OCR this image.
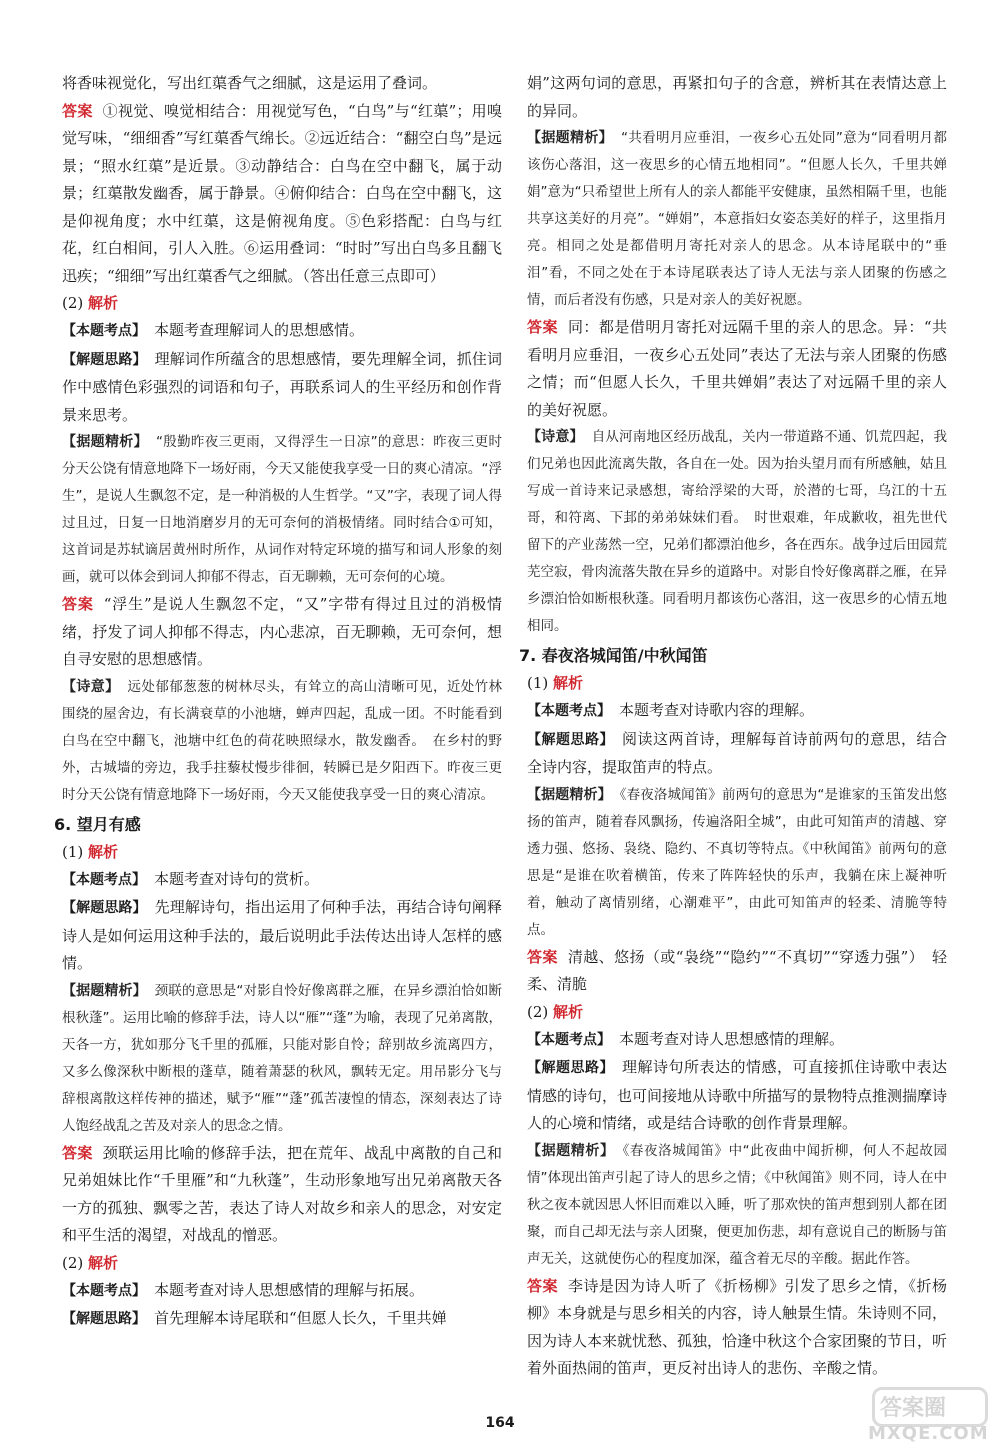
将香味视觉化，写出红蕖香气之细腻，这是运用了叠词。

答案 ①视觉、嗅觉相结合：用视觉写色，“白鸟”与“红蕖”；用嗅觉写味，“细细香”写红蕖香气绵长。②远近结合：“翻空白鸟”是远景；“照水红蕖”是近景。③动静结合：白鸟在空中翻飞，属于动景；红蕖散发幽香，属于静景。④俯仰结合：白鸟在空中翻飞，这是仰视角度；水中红蕖，这是俯视角度。⑤色彩搭配：白鸟与红花，红白相间，引人入胜。⑥运用叠词：“时时”写出白鸟多且翻飞迅疾；“细细”写出红蕖香气之细腻。（答出任意三点即可）

(2) 解析

【本题考点】 本题考查理解词人的思想感情。

【解题思路】 理解词作所蕴含的思想感情，要先理解全词，抓住词作中感情色彩强烈的词语和句子，再联系词人的生平经历和创作背景来思考。

【据题精析】 “殷勤昨夜三更雨，又得浮生一日凉”的意思：昨夜三更时分天公饶有情意地降下一场好雨，今天又能使我享受一日的爽心清凉。“浮生”，是说人生飘忽不定，是一种消极的人生哲学。“又”字，表现了词人得过且过，日复一日地消磨岁月的无可奈何的消极情绪。同时结合①可知，这首词是苏轼谪居黄州时所作，从词作对特定环境的描写和词人形象的刻画，就可以体会到词人抑郁不得志，百无聊赖，无可奈何的心境。

答案 “浮生”是说人生飘忽不定，“又”字带有得过且过的消极情绪，抒发了词人抑郁不得志，内心悲凉，百无聊赖，无可奈何，想自寻安慰的思想感情。

【诗意】 远处郁郁葱葱的树林尽头，有耸立的高山清晰可见，近处竹林围绕的屋舍边，有长满衰草的小池塘，蝉声四起，乱成一团。不时能看到白鸟在空中翻飞，池塘中红色的荷花映照绿水，散发幽香。　在乡村的野外，古城墙的旁边，我手拄藜杖慢步徘徊，转瞬已是夕阳西下。昨夜三更时分天公饶有情意地降下一场好雨，今天又能使我享受一日的爽心清凉。

6. 望月有感

(1) 解析

【本题考点】 本题考查对诗句的赏析。

【解题思路】 先理解诗句，指出运用了何种手法，再结合诗句阐释诗人是如何运用这种手法的，最后说明此手法传达出诗人怎样的感情。

【据题精析】 颈联的意思是“对影自怜好像离群之雁，在异乡漂泊恰如断根秋蓬”。运用比喻的修辞手法，诗人以“雁”“蓬”为喻，表现了兄弟离散，天各一方，犹如那分飞千里的孤雁，只能对影自怜；辞别故乡流离四方，又多么像深秋中断根的蓬草，随着萧瑟的秋风，飘转无定。用吊影分飞与辞根离散这样传神的描述，赋予“雁”“蓬”孤苦凄惶的情态，深刻表达了诗人饱经战乱之苦及对亲人的思念之情。

答案 颈联运用比喻的修辞手法，把在荒年、战乱中离散的自己和兄弟姐妹比作“千里雁”和“九秋蓬”，生动形象地写出兄弟离散天各一方的孤独、飘零之苦，表达了诗人对故乡和亲人的思念，对安定和平生活的渴望，对战乱的憎恶。

(2) 解析

【本题考点】 本题考查对诗人思想感情的理解与拓展。

【解题思路】 首先理解本诗尾联和“但愿人长久，千里共婵

娟”这两句词的意思，再紧扣句子的含意，辨析其在表情达意上的异同。

【据题精析】 “共看明月应垂泪，一夜乡心五处同”意为“同看明月都该伤心落泪，这一夜思乡的心情五地相同”。“但愿人长久，千里共婵娟”意为“只希望世上所有人的亲人都能平安健康，虽然相隔千里，也能共享这美好的月亮”。“婵娟”，本意指妇女姿态美好的样子，这里指月亮。相同之处是都借明月寄托对亲人的思念。从本诗尾联中的“垂泪”看，不同之处在于本诗尾联表达了诗人无法与亲人团聚的伤感之情，而后者没有伤感，只是对亲人的美好祝愿。

答案 同：都是借明月寄托对远隔千里的亲人的思念。异：“共看明月应垂泪，一夜乡心五处同”表达了无法与亲人团聚的伤感之情；而“但愿人长久，千里共婵娟”表达了对远隔千里的亲人的美好祝愿。

【诗意】 自从河南地区经历战乱，关内一带道路不通、饥荒四起，我们兄弟也因此流离失散，各自在一处。因为抬头望月而有所感触，姑且写成一首诗来记录感想，寄给浮梁的大哥，於潜的七哥，乌江的十五哥，和符离、下邽的弟弟妹妹们看。　时世艰难，年成歉收，祖先世代留下的产业荡然一空，兄弟们都漂泊他乡，各在西东。战争过后田园荒芜空寂，骨肉流落失散在异乡的道路中。对影自怜好像离群之雁，在异乡漂泊恰如断根秋蓬。同看明月都该伤心落泪，这一夜思乡的心情五地相同。

7. 春夜洛城闻笛/中秋闻笛

(1) 解析

【本题考点】 本题考查对诗歌内容的理解。

【解题思路】 阅读这两首诗，理解每首诗前两句的意思，结合全诗内容，提取笛声的特点。

【据题精析】 《春夜洛城闻笛》前两句的意思为“是谁家的玉笛发出悠扬的笛声，随着春风飘扬，传遍洛阳全城”，由此可知笛声的清越、穿透力强、悠扬、袅绕、隐约、不真切等特点。《中秋闻笛》前两句的意思是“是谁在吹着横笛，传来了阵阵轻快的乐声，我躺在床上凝神听着，触动了离情别绪，心潮难平”，由此可知笛声的轻柔、清脆等特点。

答案 清越、悠扬（或“袅绕”“隐约”“不真切”“穿透力强”）　轻柔、清脆

(2) 解析

【本题考点】 本题考查对诗人思想感情的理解。

【解题思路】 理解诗句所表达的情感，可直接抓住诗歌中表达情感的诗句，也可间接地从诗歌中所描写的景物特点推测揣摩诗人的心境和情绪，或是结合诗歌的创作背景理解。

【据题精析】 《春夜洛城闻笛》中“此夜曲中闻折柳，何人不起故园情”体现出笛声引起了诗人的思乡之情；《中秋闻笛》则不同，诗人在中秋之夜本就因思人怀旧而难以入睡，听了那欢快的笛声想到别人都在团聚，而自己却无法与亲人团聚，便更加伤悲，却有意说自己的断肠与笛声无关，这就使伤心的程度加深，蕴含着无尽的辛酸。据此作答。

答案 李诗是因为诗人听了《折杨柳》引发了思乡之情，《折杨柳》本身就是与思乡相关的内容，诗人触景生情。朱诗则不同，因为诗人本来就忧愁、孤独，恰逢中秋这个合家团聚的节日，听着外面热闹的笛声，更反衬出诗人的悲伤、辛酸之情。

164
答案圈
MXQE.COM
